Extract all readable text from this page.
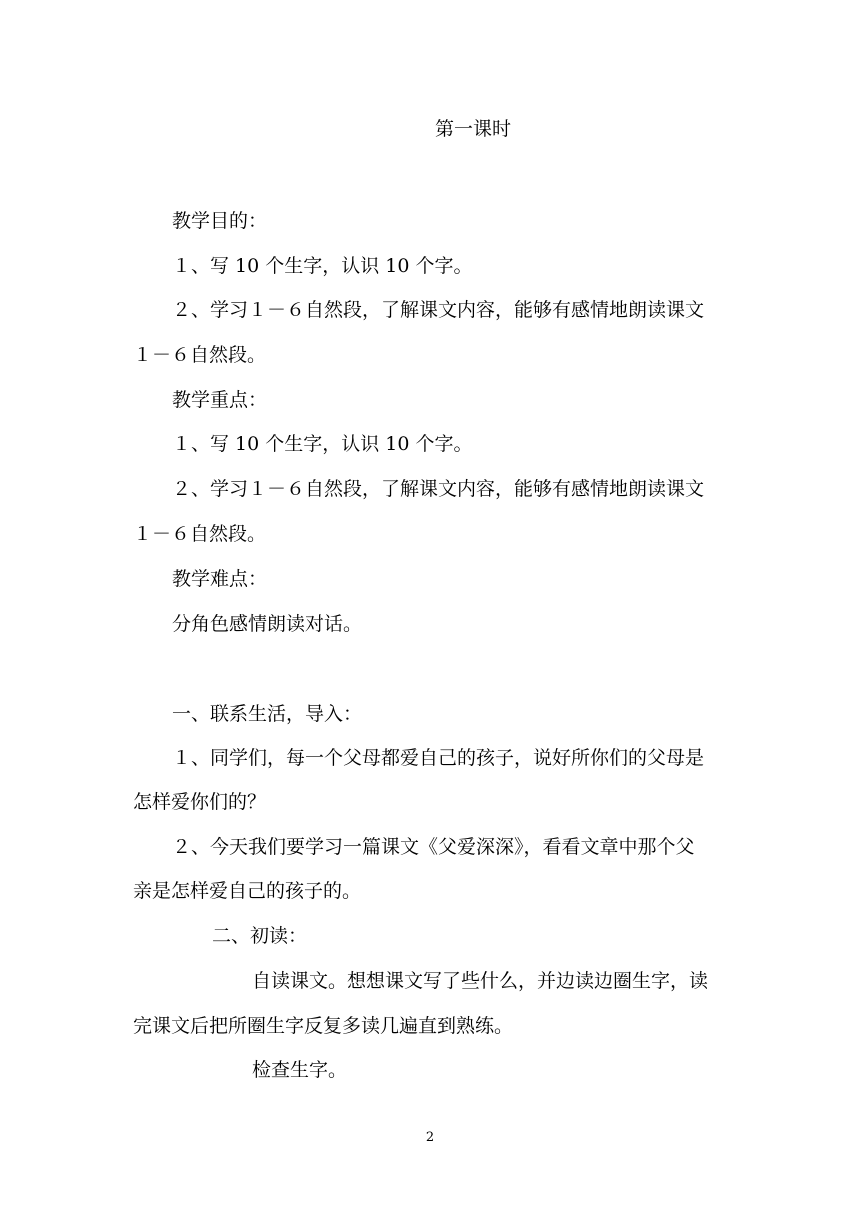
第一课时

教学目的：

１、写 10 个生字，认识 10 个字。

２、学习１－６自然段，了解课文内容，能够有感情地朗读课文

１－６自然段。

教学重点：

１、写 10 个生字，认识 10 个字。

２、学习１－６自然段，了解课文内容，能够有感情地朗读课文

１－６自然段。

教学难点：

分角色感情朗读对话。

一、联系生活，导入：

１、同学们，每一个父母都爱自己的孩子，说好所你们的父母是

怎样爱你们的？

２、今天我们要学习一篇课文《父爱深深》，看看文章中那个父

亲是怎样爱自己的孩子的。

二、初读：

自读课文。想想课文写了些什么，并边读边圈生字，读

完课文后把所圈生字反复多读几遍直到熟练。

检查生字。

2
